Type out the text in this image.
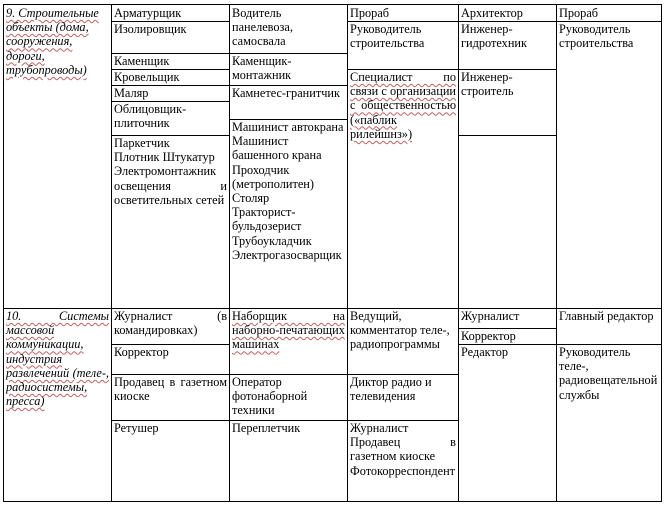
9. Строительные объекты (дома, сооружения, дороги, трубопроводы)
Арматурщик
Изолировщик
Каменщик
Кровельщик
Маляр
Облицовщик-плиточник
Паркетчик
Плотник Штукатур
Электромонтажник освещения и осветительных сетей
Водитель панелевоза, самосвала
Каменщик-монтажник
Камнетес-гранитчик
Машинист автокрана
Машинист башенного крана
Проходчик (метрополитен)
Столяр
Тракторист-бульдозерист
Трубоукладчик
Электрогазосварщик
Прораб
Руководитель строительства
Специалист по связи с организации с общественностью («паблик рилейшнз»)
Архитектор
Инженер-гидротехник
Инженер-строитель
Прораб
Руководитель строительства
10. Системы массовой коммуникации, индустрия развлечений (теле-, радиосистемы, пресса)
Журналист (в командировках)
Корректор
Продавец в газетном киоске
Ретушер
Наборщик на наборно-печатающих машинах
Оператор фотонаборной техники
Переплетчик
Ведущий, комментатор теле-, радиопрограммы
Диктор радио и телевидения
Журналист
Продавец в газетном киоске
Фотокорреспондент
Журналист
Корректор
Редактор
Главный редактор
Руководитель теле-, радиовещательной службы
